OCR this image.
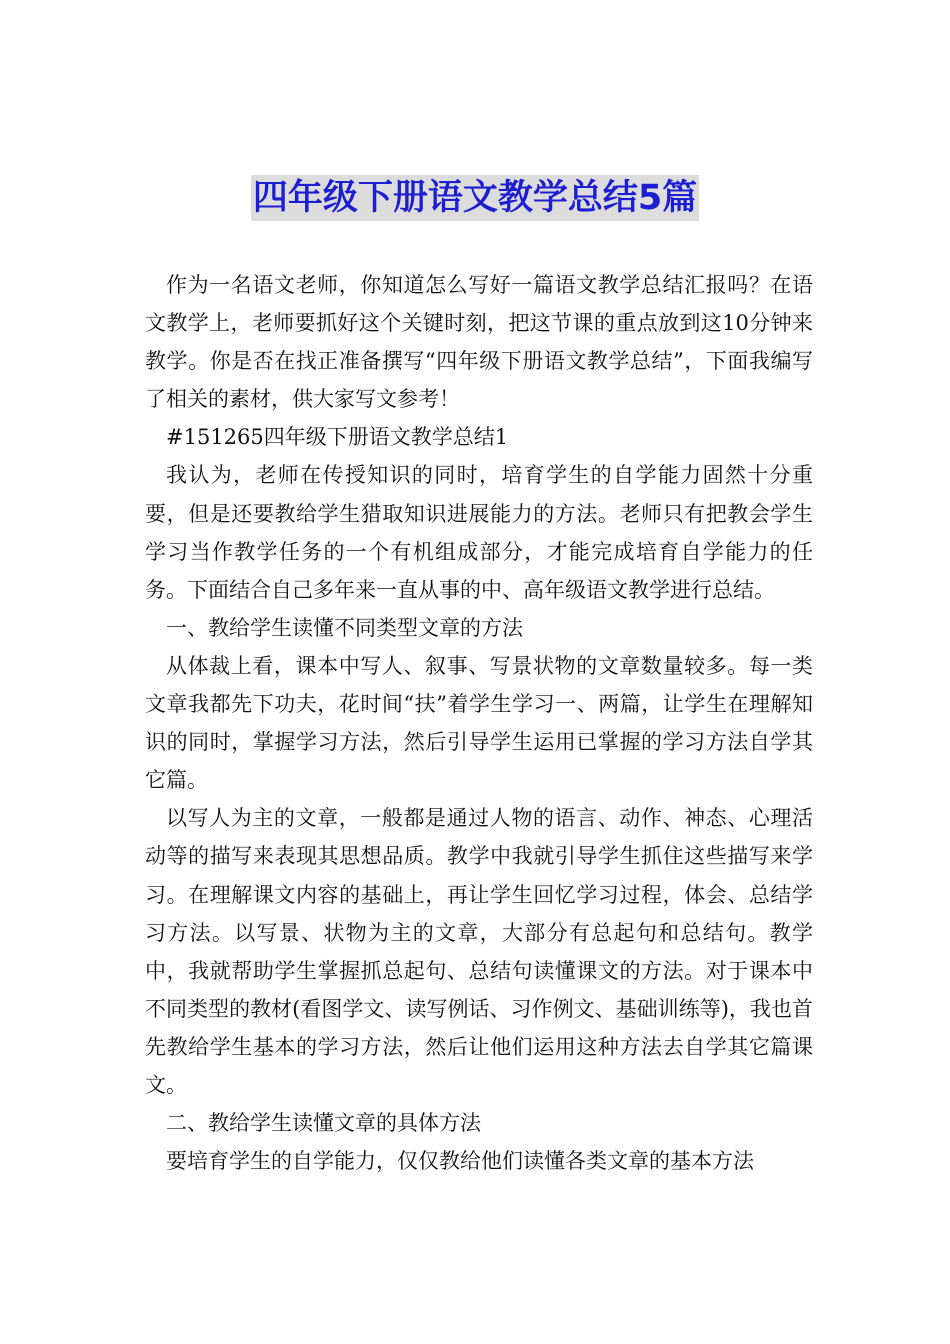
四年级下册语文教学总结5篇

作为一名语文老师，你知道怎么写好一篇语文教学总结汇报吗？在语文教学上，老师要抓好这个关键时刻，把这节课的重点放到这10分钟来教学。你是否在找正准备撰写“四年级下册语文教学总结”，下面我编写了相关的素材，供大家写文参考！

#151265四年级下册语文教学总结1

我认为，老师在传授知识的同时，培育学生的自学能力固然十分重要，但是还要教给学生猎取知识进展能力的方法。老师只有把教会学生学习当作教学任务的一个有机组成部分，才能完成培育自学能力的任务。下面结合自己多年来一直从事的中、高年级语文教学进行总结。

一、教给学生读懂不同类型文章的方法

从体裁上看，课本中写人、叙事、写景状物的文章数量较多。每一类文章我都先下功夫，花时间“扶”着学生学习一、两篇，让学生在理解知识的同时，掌握学习方法，然后引导学生运用已掌握的学习方法自学其它篇。

以写人为主的文章，一般都是通过人物的语言、动作、神态、心理活动等的描写来表现其思想品质。教学中我就引导学生抓住这些描写来学习。在理解课文内容的基础上，再让学生回忆学习过程，体会、总结学习方法。以写景、状物为主的文章，大部分有总起句和总结句。教学中，我就帮助学生掌握抓总起句、总结句读懂课文的方法。对于课本中不同类型的教材(看图学文、读写例话、习作例文、基础训练等)，我也首先教给学生基本的学习方法，然后让他们运用这种方法去自学其它篇课文。

二、教给学生读懂文章的具体方法

要培育学生的自学能力，仅仅教给他们读懂各类文章的基本方法
